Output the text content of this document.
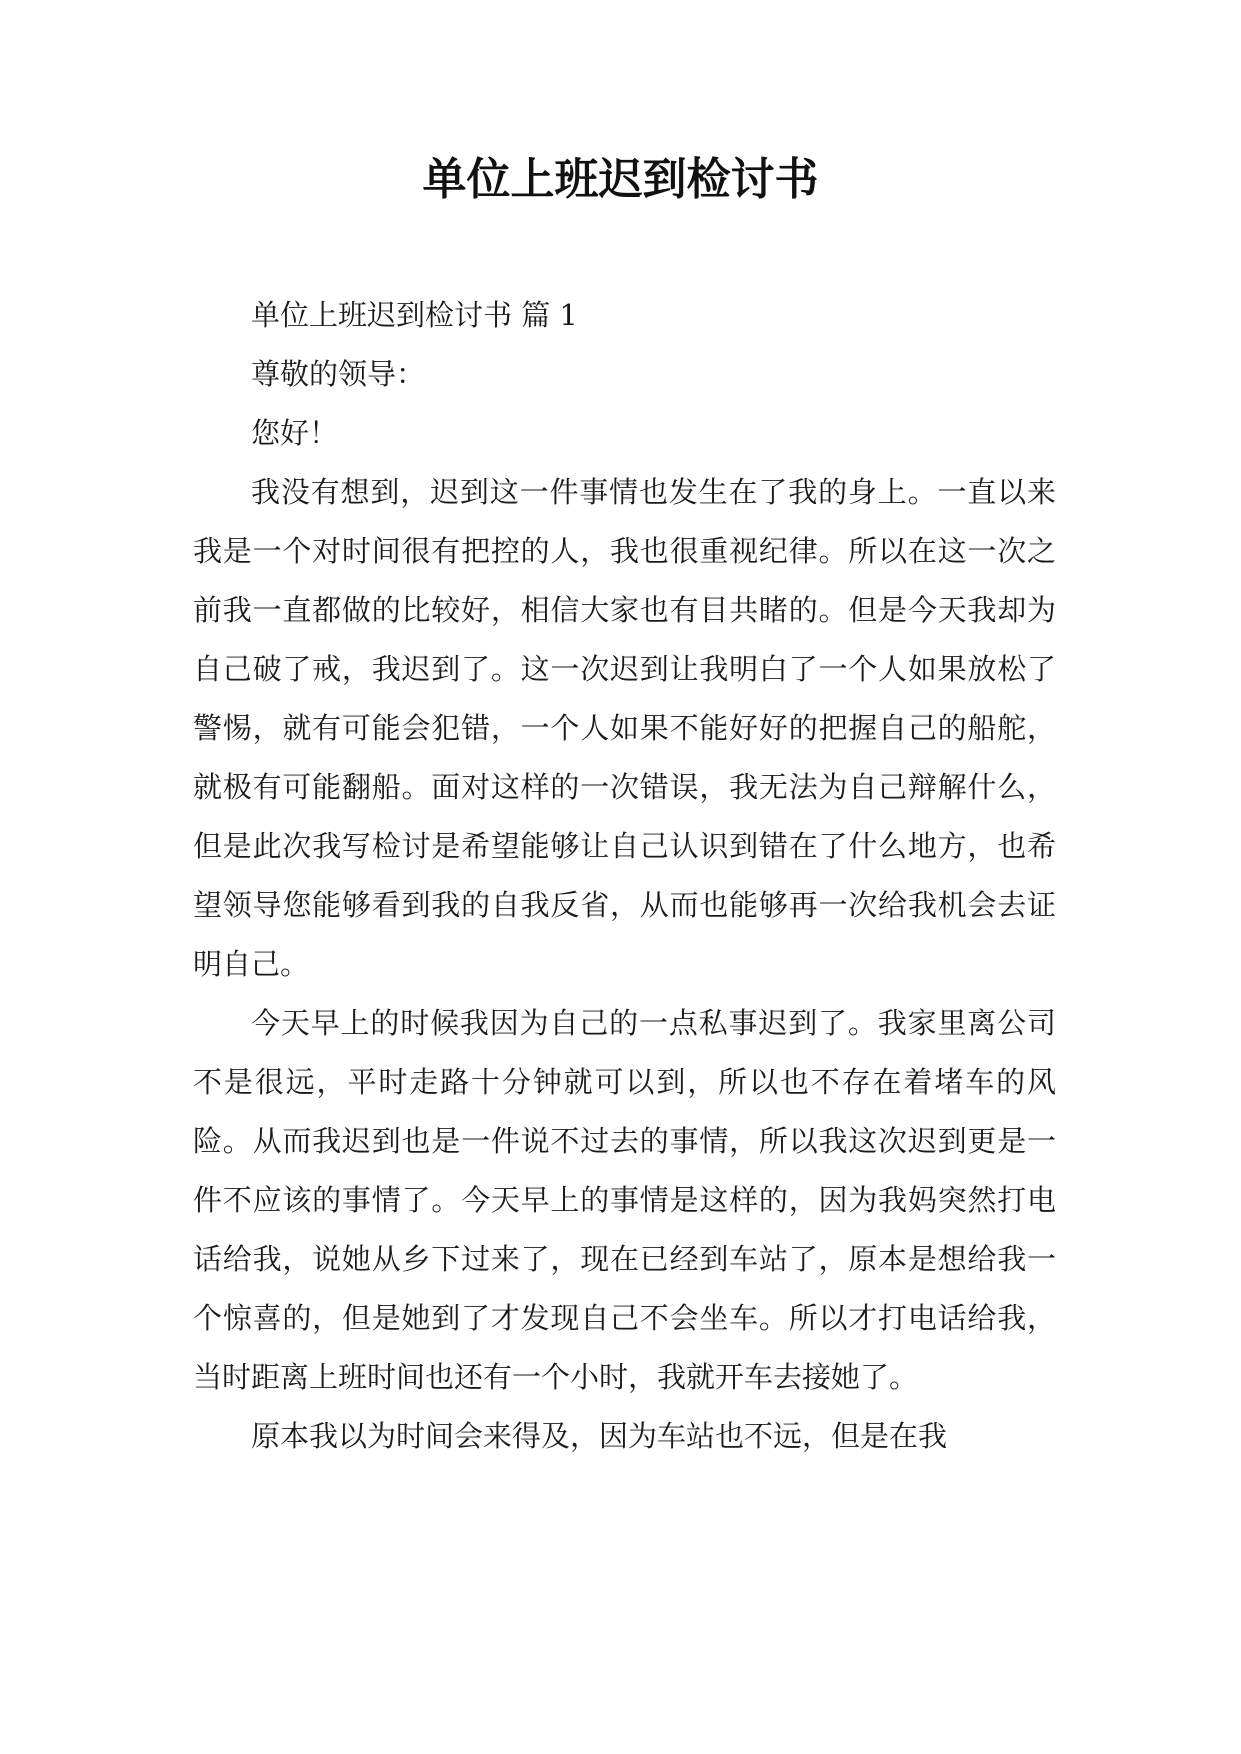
单位上班迟到检讨书

单位上班迟到检讨书 篇 1

尊敬的领导：

您好！

我没有想到，迟到这一件事情也发生在了我的身上。一直以来我是一个对时间很有把控的人，我也很重视纪律。所以在这一次之前我一直都做的比较好，相信大家也有目共睹的。但是今天我却为自己破了戒，我迟到了。这一次迟到让我明白了一个人如果放松了警惕，就有可能会犯错，一个人如果不能好好的把握自己的船舵，就极有可能翻船。面对这样的一次错误，我无法为自己辩解什么，但是此次我写检讨是希望能够让自己认识到错在了什么地方，也希望领导您能够看到我的自我反省，从而也能够再一次给我机会去证明自己。

今天早上的时候我因为自己的一点私事迟到了。我家里离公司不是很远，平时走路十分钟就可以到，所以也不存在着堵车的风险。从而我迟到也是一件说不过去的事情，所以我这次迟到更是一件不应该的事情了。今天早上的事情是这样的，因为我妈突然打电话给我，说她从乡下过来了，现在已经到车站了，原本是想给我一个惊喜的，但是她到了才发现自己不会坐车。所以才打电话给我，当时距离上班时间也还有一个小时，我就开车去接她了。

原本我以为时间会来得及，因为车站也不远，但是在我
